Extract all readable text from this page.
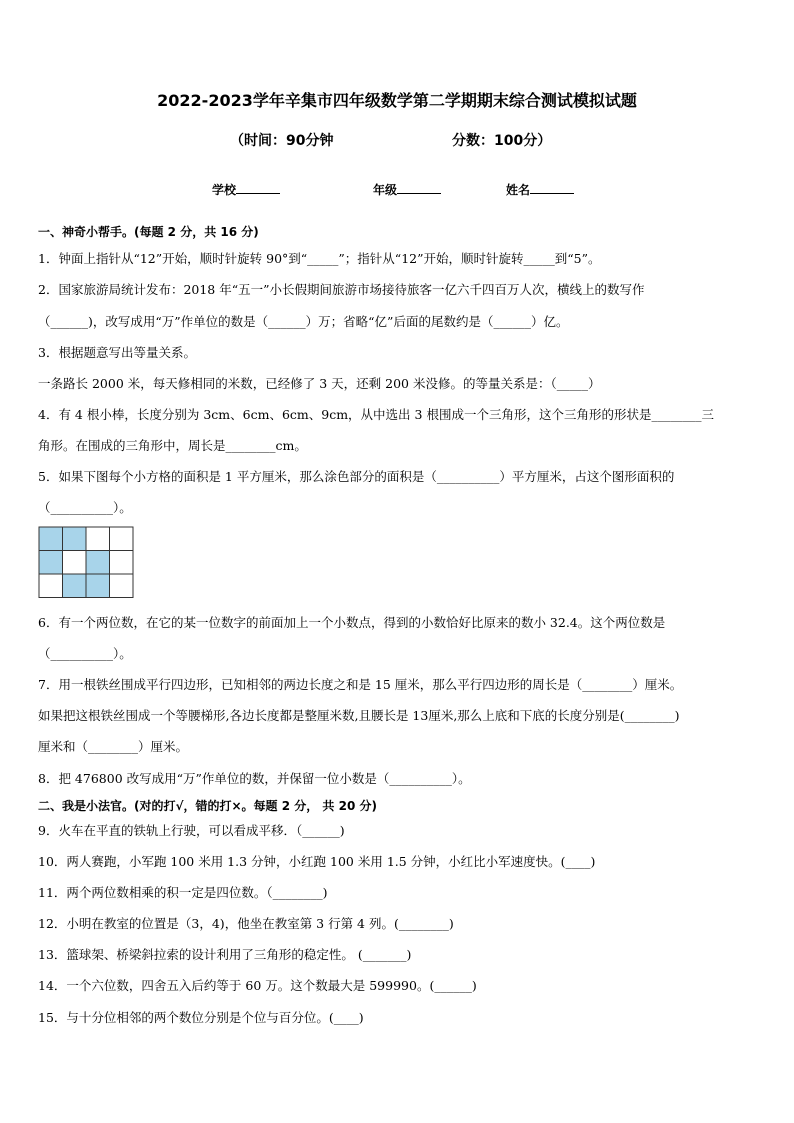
2022-2023学年辛集市四年级数学第二学期期末综合测试模拟试题
（时间：90分钟	分数：100分）
学校	年级	姓名
一、神奇小帮手。(每题 2 分，共 16 分)
1．钟面上指针从“12”开始，顺时针旋转 90°到“_____”；指针从“12”开始，顺时针旋转_____到“5”。
2．国家旅游局统计发布：2018 年“五一”小长假期间旅游市场接待旅客一亿六千四百万人次，横线上的数写作
（______)，改写成用“万”作单位的数是（______）万；省略“亿”后面的尾数约是（______）亿。
3．根据题意写出等量关系。
一条路长 2000 米，每天修相同的米数，已经修了 3 天，还剩 200 米没修。的等量关系是：（_____）
4．有 4 根小棒，长度分别为 3cm、6cm、6cm、9cm，从中选出 3 根围成一个三角形，这个三角形的形状是________三
角形。在围成的三角形中，周长是________cm。
5．如果下图每个小方格的面积是 1 平方厘米，那么涂色部分的面积是（__________）平方厘米，占这个图形面积的
（__________）。
6．有一个两位数，在它的某一位数字的前面加上一个小数点，得到的小数恰好比原来的数小 32.4。这个两位数是
（__________）。
7．用一根铁丝围成平行四边形，已知相邻的两边长度之和是 15 厘米，那么平行四边形的周长是（________）厘米。
如果把这根铁丝围成一个等腰梯形,各边长度都是整厘米数,且腰长是 13厘米,那么上底和下底的长度分别是(________)
厘米和（________）厘米。
8．把 476800 改写成用“万”作单位的数，并保留一位小数是（__________）。
二、我是小法官。(对的打√，错的打×。每题 2 分， 共 20 分)
9．火车在平直的铁轨上行驶，可以看成平移．（______)
10．两人赛跑，小军跑 100 米用 1.3 分钟，小红跑 100 米用 1.5 分钟，小红比小军速度快。(____)
11．两个两位数相乘的积一定是四位数。（________)
12．小明在教室的位置是（3，4)，他坐在教室第 3 行第 4 列。(________)
13．篮球架、桥梁斜拉索的设计利用了三角形的稳定性。 (_______)
14．一个六位数，四舍五入后约等于 60 万。这个数最大是 599990。(______)
15．与十分位相邻的两个数位分别是个位与百分位。(____)
